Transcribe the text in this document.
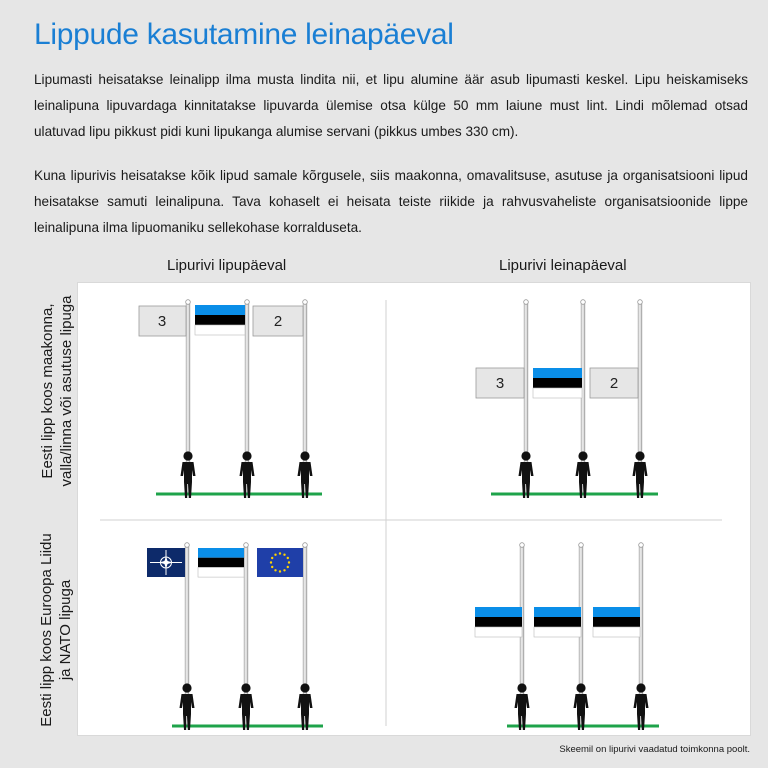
Lippude kasutamine leinapäeval
Lipumasti heisatakse leinalipp ilma musta lindita nii, et lipu alumine äär asub lipumasti keskel. Lipu heiskamiseks leinalipuna lipuvardaga kinnitatakse lipuvarda ülemise otsa külge 50 mm laiune must lint. Lindi mõlemad otsad ulatuvad lipu pikkust pidi kuni lipukanga alumise servani (pikkus umbes 330 cm).
Kuna lipurivis heisatakse kõik lipud samale kõrgusele, siis maakonna, omavalitsuse, asutuse ja organisatsiooni lipud heisatakse samuti leinalipuna. Tava kohaselt ei heisata teiste riikide ja rahvusvaheliste organisatsioonide lippe leinalipuna ilma lipuomaniku sellekohase korralduseta.
Lipurivi lipupäeval	Lipurivi leinapäeval
Eesti lipp koos maakonna, valla/linna või asutuse lipuga
Eesti lipp koos Euroopa Liidu ja NATO lipuga
3	2
3	2
Skeemil on lipurivi vaadatud toimkonna poolt.
